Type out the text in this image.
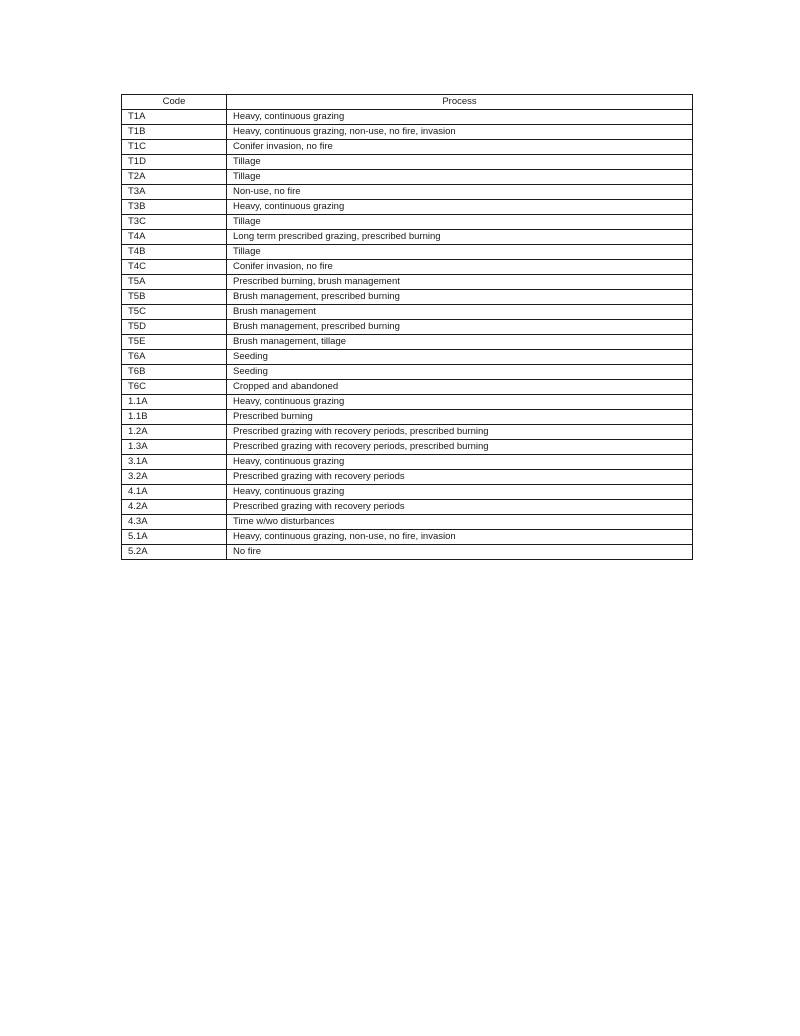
Code	Process
T1A	Heavy, continuous grazing
T1B	Heavy, continuous grazing, non-use, no fire, invasion
T1C	Conifer invasion, no fire
T1D	Tillage
T2A	Tillage
T3A	Non-use, no fire
T3B	Heavy, continuous grazing
T3C	Tillage
T4A	Long term prescribed grazing, prescribed burning
T4B	Tillage
T4C	Conifer invasion, no fire
T5A	Prescribed burning, brush management
T5B	Brush management, prescribed burning
T5C	Brush management
T5D	Brush management, prescribed burning
T5E	Brush management, tillage
T6A	Seeding
T6B	Seeding
T6C	Cropped and abandoned
1.1A	Heavy, continuous grazing
1.1B	Prescribed burning
1.2A	Prescribed grazing with recovery periods, prescribed burning
1.3A	Prescribed grazing with recovery periods, prescribed burning
3.1A	Heavy, continuous grazing
3.2A	Prescribed grazing with recovery periods
4.1A	Heavy, continuous grazing
4.2A	Prescribed grazing with recovery periods
4.3A	Time w/wo disturbances
5.1A	Heavy, continuous grazing, non-use, no fire, invasion
5.2A	No fire
